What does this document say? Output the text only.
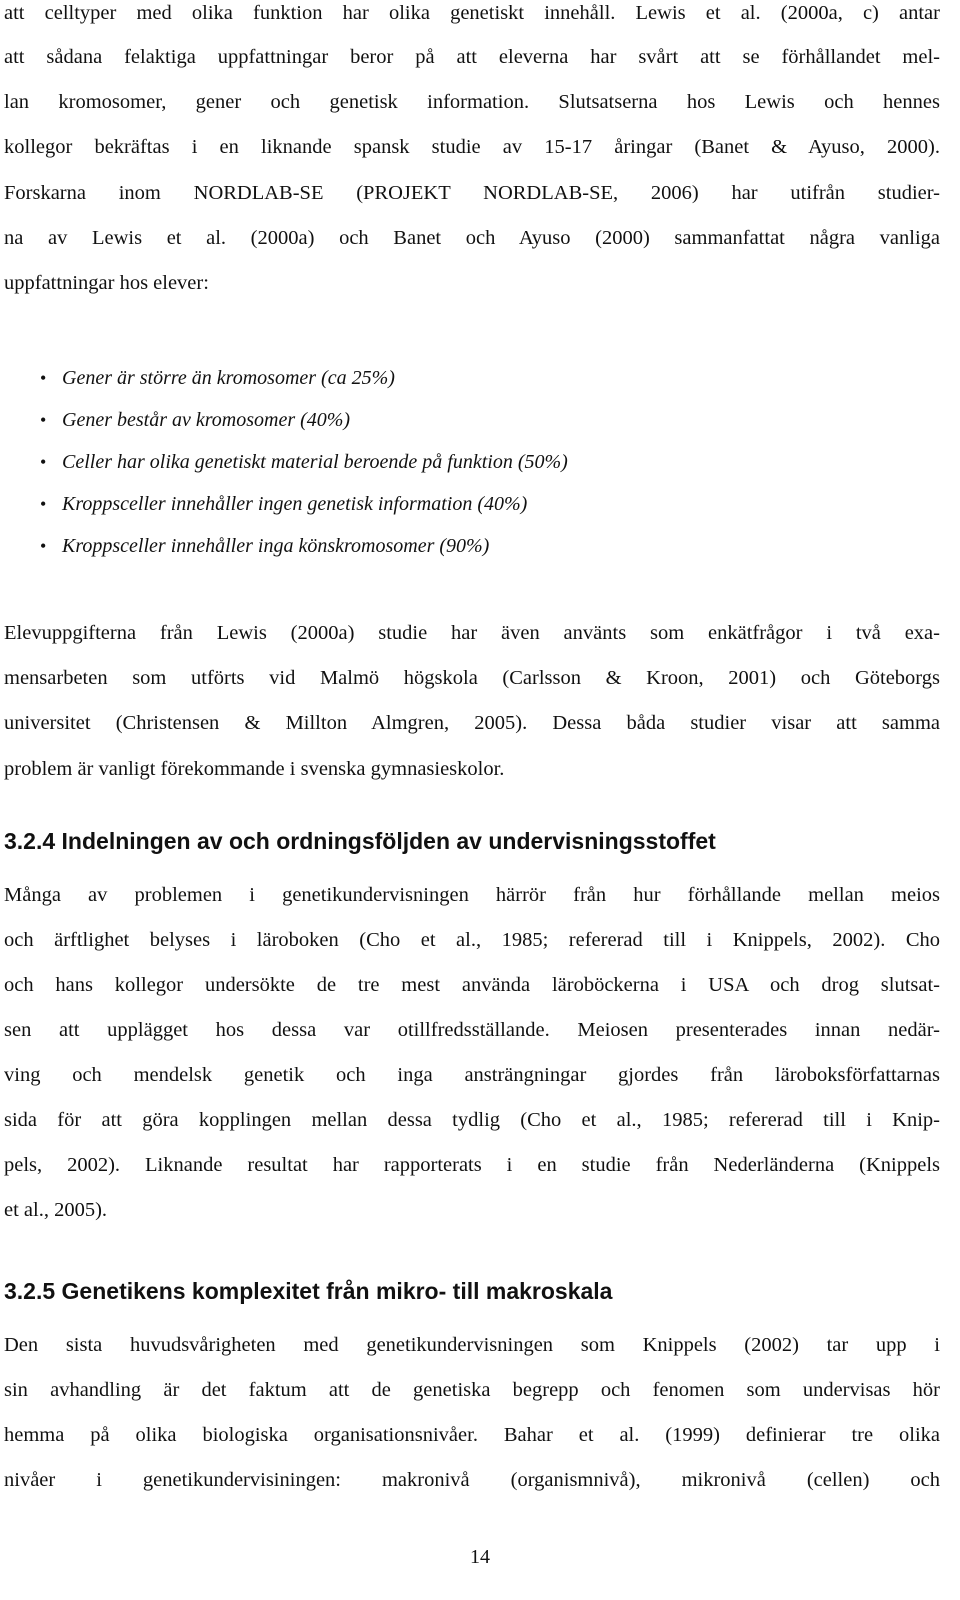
att celltyper med olika funktion har olika genetiskt innehåll. Lewis et al. (2000a, c) antar
att sådana felaktiga uppfattningar beror på att eleverna har svårt att se förhållandet mel-
lan kromosomer, gener och genetisk information. Slutsatserna hos Lewis och hennes
kollegor bekräftas i en liknande spansk studie av 15-17 åringar (Banet & Ayuso, 2000).
Forskarna inom NORDLAB-SE (PROJEKT NORDLAB-SE, 2006) har utifrån studier-
na av Lewis et al. (2000a) och Banet och Ayuso (2000) sammanfattat några vanliga
uppfattningar hos elever:
• Gener är större än kromosomer (ca 25%)
• Gener består av kromosomer (40%)
• Celler har olika genetiskt material beroende på funktion (50%)
• Kroppsceller innehåller ingen genetisk information (40%)
• Kroppsceller innehåller inga könskromosomer (90%)
Elevuppgifterna från Lewis (2000a) studie har även använts som enkätfrågor i två exa-
mensarbeten som utförts vid Malmö högskola (Carlsson & Kroon, 2001) och Göteborgs
universitet (Christensen & Millton Almgren, 2005). Dessa båda studier visar att samma
problem är vanligt förekommande i svenska gymnasieskolor.
3.2.4 Indelningen av och ordningsföljden av undervisningsstoffet
Många av problemen i genetikundervisningen härrör från hur förhållande mellan meios
och ärftlighet belyses i läroboken (Cho et al., 1985; refererad till i Knippels, 2002). Cho
och hans kollegor undersökte de tre mest använda läroböckerna i USA och drog slutsat-
sen att upplägget hos dessa var otillfredsställande. Meiosen presenterades innan nedär-
ving och mendelsk genetik och inga ansträngningar gjordes från läroboksförfattarnas
sida för att göra kopplingen mellan dessa tydlig (Cho et al., 1985; refererad till i Knip-
pels, 2002). Liknande resultat har rapporterats i en studie från Nederländerna (Knippels
et al., 2005).
3.2.5 Genetikens komplexitet från mikro- till makroskala
Den sista huvudsvårigheten med genetikundervisningen som Knippels (2002) tar upp i
sin avhandling är det faktum att de genetiska begrepp och fenomen som undervisas hör
hemma på olika biologiska organisationsnivåer. Bahar et al. (1999) definierar tre olika
nivåer i genetikundervisiningen: makronivå (organismnivå), mikronivå (cellen) och
14
